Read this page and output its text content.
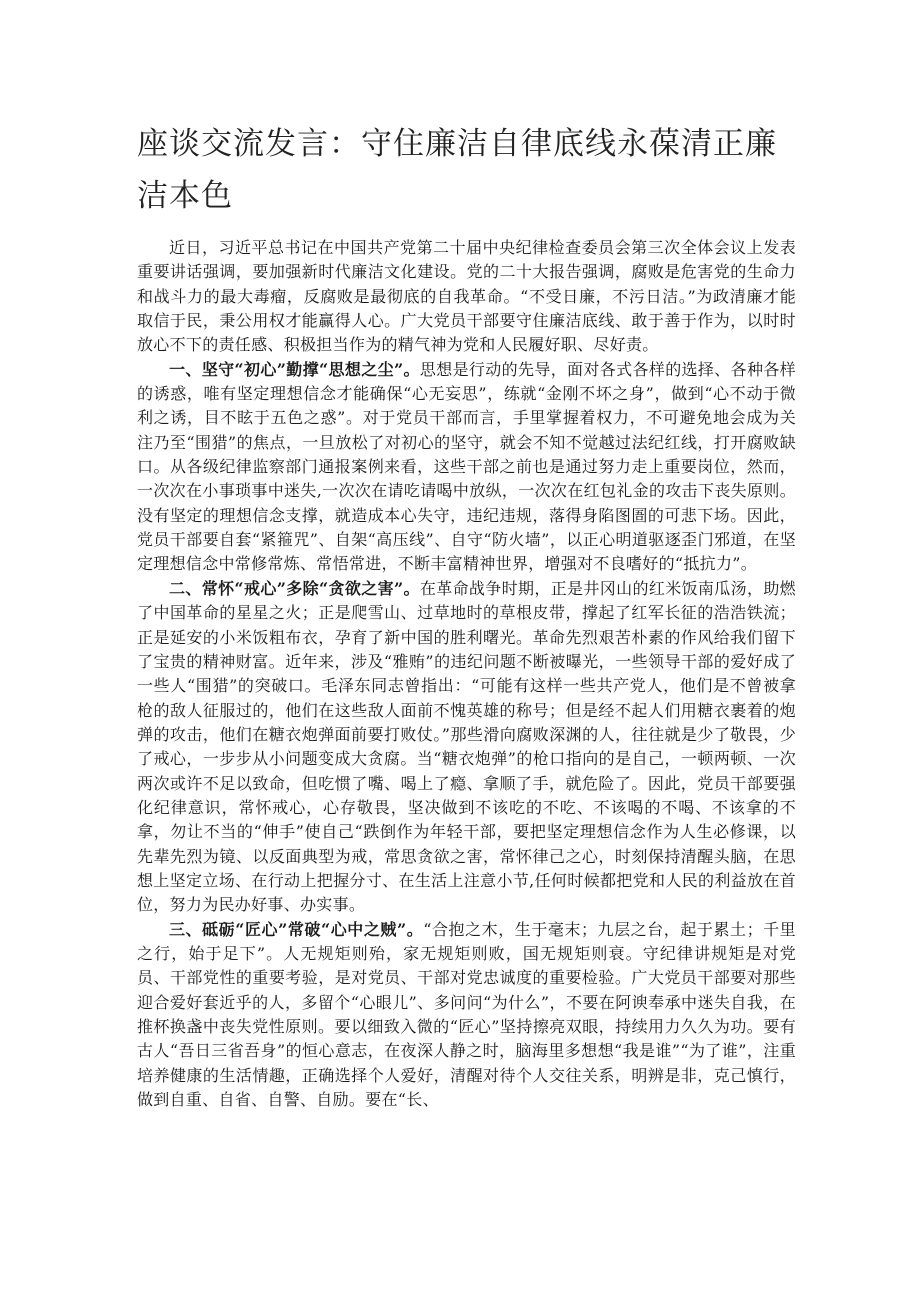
座谈交流发言：守住廉洁自律底线永葆清正廉洁本色

近日，习近平总书记在中国共产党第二十届中央纪律检查委员会第三次全体会议上发表重要讲话强调，要加强新时代廉洁文化建设。党的二十大报告强调，腐败是危害党的生命力和战斗力的最大毒瘤，反腐败是最彻底的自我革命。“不受日廉，不污日洁。”为政清廉才能取信于民，秉公用权才能赢得人心。广大党员干部要守住廉洁底线、敢于善于作为，以时时放心不下的责任感、积极担当作为的精气神为党和人民履好职、尽好责。

一、坚守“初心”勤撑“思想之尘”。思想是行动的先导，面对各式各样的选择、各种各样的诱惑，唯有坚定理想信念才能确保“心无妄思”，练就“金刚不坏之身”，做到“心不动于微利之诱，目不眩于五色之惑”。对于党员干部而言，手里掌握着权力，不可避免地会成为关注乃至“围猎”的焦点，一旦放松了对初心的坚守，就会不知不觉越过法纪红线，打开腐败缺口。从各级纪律监察部门通报案例来看，这些干部之前也是通过努力走上重要岗位，然而，一次次在小事琐事中迷失,一次次在请吃请喝中放纵，一次次在红包礼金的攻击下丧失原则。没有坚定的理想信念支撑，就造成本心失守，违纪违规，落得身陷图圄的可悲下场。因此，党员干部要自套“紧箍咒”、自架“高压线”、自守“防火墙”，以正心明道驱逐歪门邪道，在坚定理想信念中常修常炼、常悟常进，不断丰富精神世界，增强对不良嗜好的“抵抗力”。

二、常怀“戒心”多除“贪欲之害”。在革命战争时期，正是井冈山的红米饭南瓜汤，助燃了中国革命的星星之火；正是爬雪山、过草地时的草根皮带，撑起了红军长征的浩浩铁流；正是延安的小米饭粗布衣，孕育了新中国的胜利曙光。革命先烈艰苦朴素的作风给我们留下了宝贵的精神财富。近年来，涉及“雅贿”的违纪问题不断被曝光，一些领导干部的爱好成了一些人“围猎”的突破口。毛泽东同志曾指出：“可能有这样一些共产党人，他们是不曾被拿枪的敌人征服过的，他们在这些敌人面前不愧英雄的称号；但是经不起人们用糖衣裹着的炮弹的攻击，他们在糖衣炮弹面前要打败仗。”那些滑向腐败深渊的人，往往就是少了敬畏，少了戒心，一步步从小问题变成大贪腐。当“糖衣炮弹”的枪口指向的是自己，一顿两顿、一次两次或许不足以致命，但吃惯了嘴、喝上了瘾、拿顺了手，就危险了。因此，党员干部要强化纪律意识，常怀戒心，心存敬畏，坚决做到不该吃的不吃、不该喝的不喝、不该拿的不拿，勿让不当的“伸手”使自己“跌倒作为年轻干部，要把坚定理想信念作为人生必修课，以先辈先烈为镜、以反面典型为戒，常思贪欲之害，常怀律己之心，时刻保持清醒头脑，在思想上坚定立场、在行动上把握分寸、在生活上注意小节,任何时候都把党和人民的利益放在首位，努力为民办好事、办实事。

三、砥砺“匠心”常破“心中之贼”。“合抱之木，生于毫末；九层之台，起于累土；千里之行，始于足下”。人无规矩则殆，家无规矩则败，国无规矩则衰。守纪律讲规矩是对党员、干部党性的重要考验，是对党员、干部对党忠诚度的重要检验。广大党员干部要对那些迎合爱好套近乎的人，多留个“心眼儿”、多问问“为什么”，不要在阿谀奉承中迷失自我，在推杯换盏中丧失党性原则。要以细致入微的“匠心”坚持擦亮双眼，持续用力久久为功。要有古人“吾日三省吾身”的恒心意志，在夜深人静之时，脑海里多想想“我是谁”“为了谁”，注重培养健康的生活情趣，正确选择个人爱好，清醒对待个人交往关系，明辨是非，克己慎行，做到自重、自省、自警、自励。要在“长、
